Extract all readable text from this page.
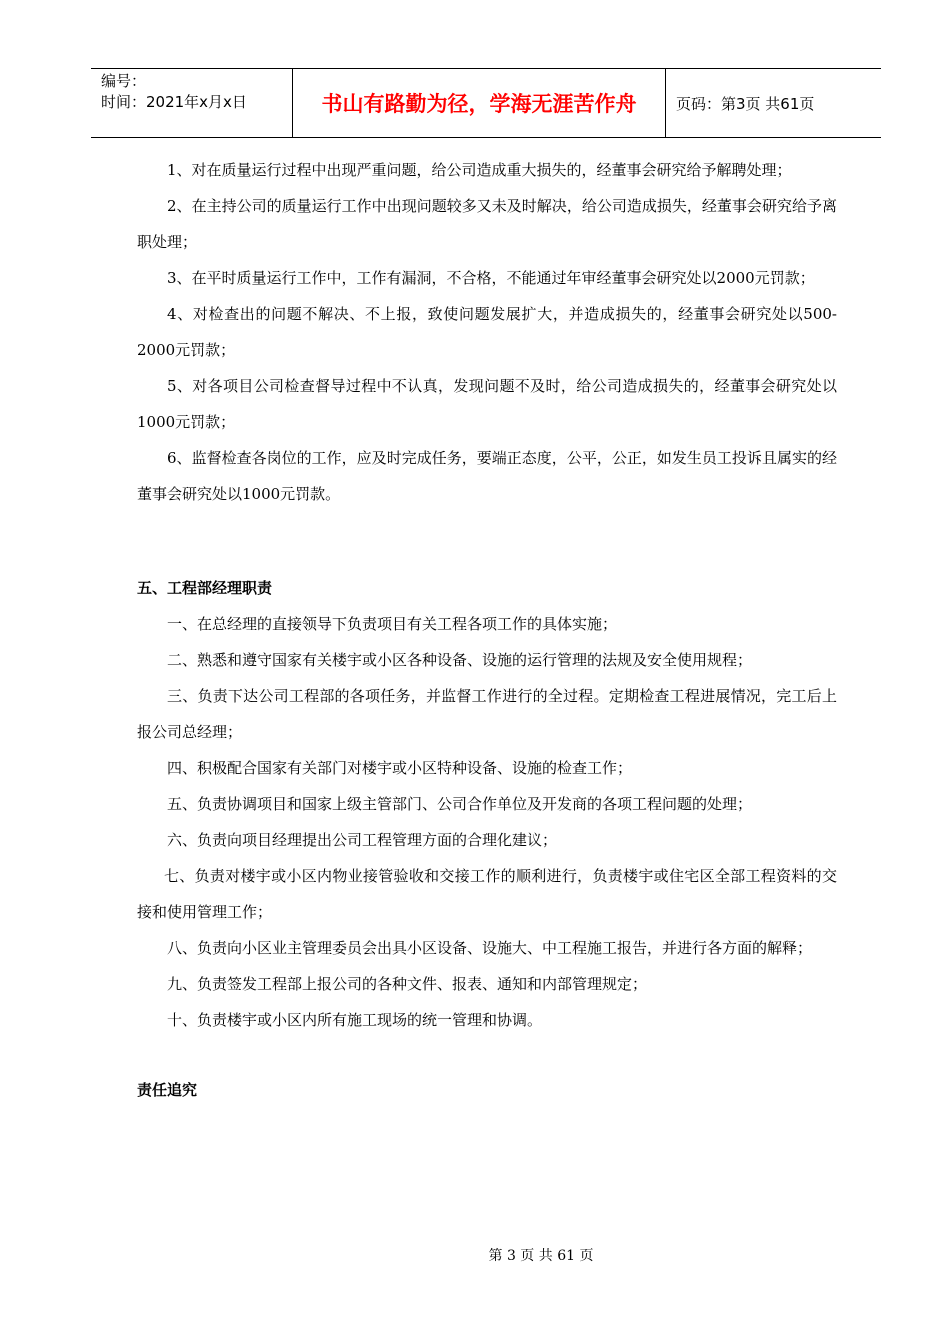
编号：
时间：2021年x月x日	书山有路勤为径，学海无涯苦作舟	页码：第3页 共61页

1、对在质量运行过程中出现严重问题，给公司造成重大损失的，经董事会研究给予解聘处理；

2、在主持公司的质量运行工作中出现问题较多又未及时解决，给公司造成损失，经董事会研究给予离职处理；

3、在平时质量运行工作中，工作有漏洞，不合格，不能通过年审经董事会研究处以2000元罚款；

4、对检查出的问题不解决、不上报，致使问题发展扩大，并造成损失的，经董事会研究处以500-2000元罚款；

5、对各项目公司检查督导过程中不认真，发现问题不及时，给公司造成损失的，经董事会研究处以1000元罚款；

6、监督检查各岗位的工作，应及时完成任务，要端正态度，公平，公正，如发生员工投诉且属实的经董事会研究处以1000元罚款。

五、工程部经理职责

一、在总经理的直接领导下负责项目有关工程各项工作的具体实施；

二、熟悉和遵守国家有关楼宇或小区各种设备、设施的运行管理的法规及安全使用规程；

三、负责下达公司工程部的各项任务，并监督工作进行的全过程。定期检查工程进展情况，完工后上报公司总经理；

四、积极配合国家有关部门对楼宇或小区特种设备、设施的检查工作；

五、负责协调项目和国家上级主管部门、公司合作单位及开发商的各项工程问题的处理；

六、负责向项目经理提出公司工程管理方面的合理化建议；

七、负责对楼宇或小区内物业接管验收和交接工作的顺利进行，负责楼宇或住宅区全部工程资料的交接和使用管理工作；

八、负责向小区业主管理委员会出具小区设备、设施大、中工程施工报告，并进行各方面的解释；

九、负责签发工程部上报公司的各种文件、报表、通知和内部管理规定；

十、负责楼宇或小区内所有施工现场的统一管理和协调。

责任追究

第 3 页 共 61 页
